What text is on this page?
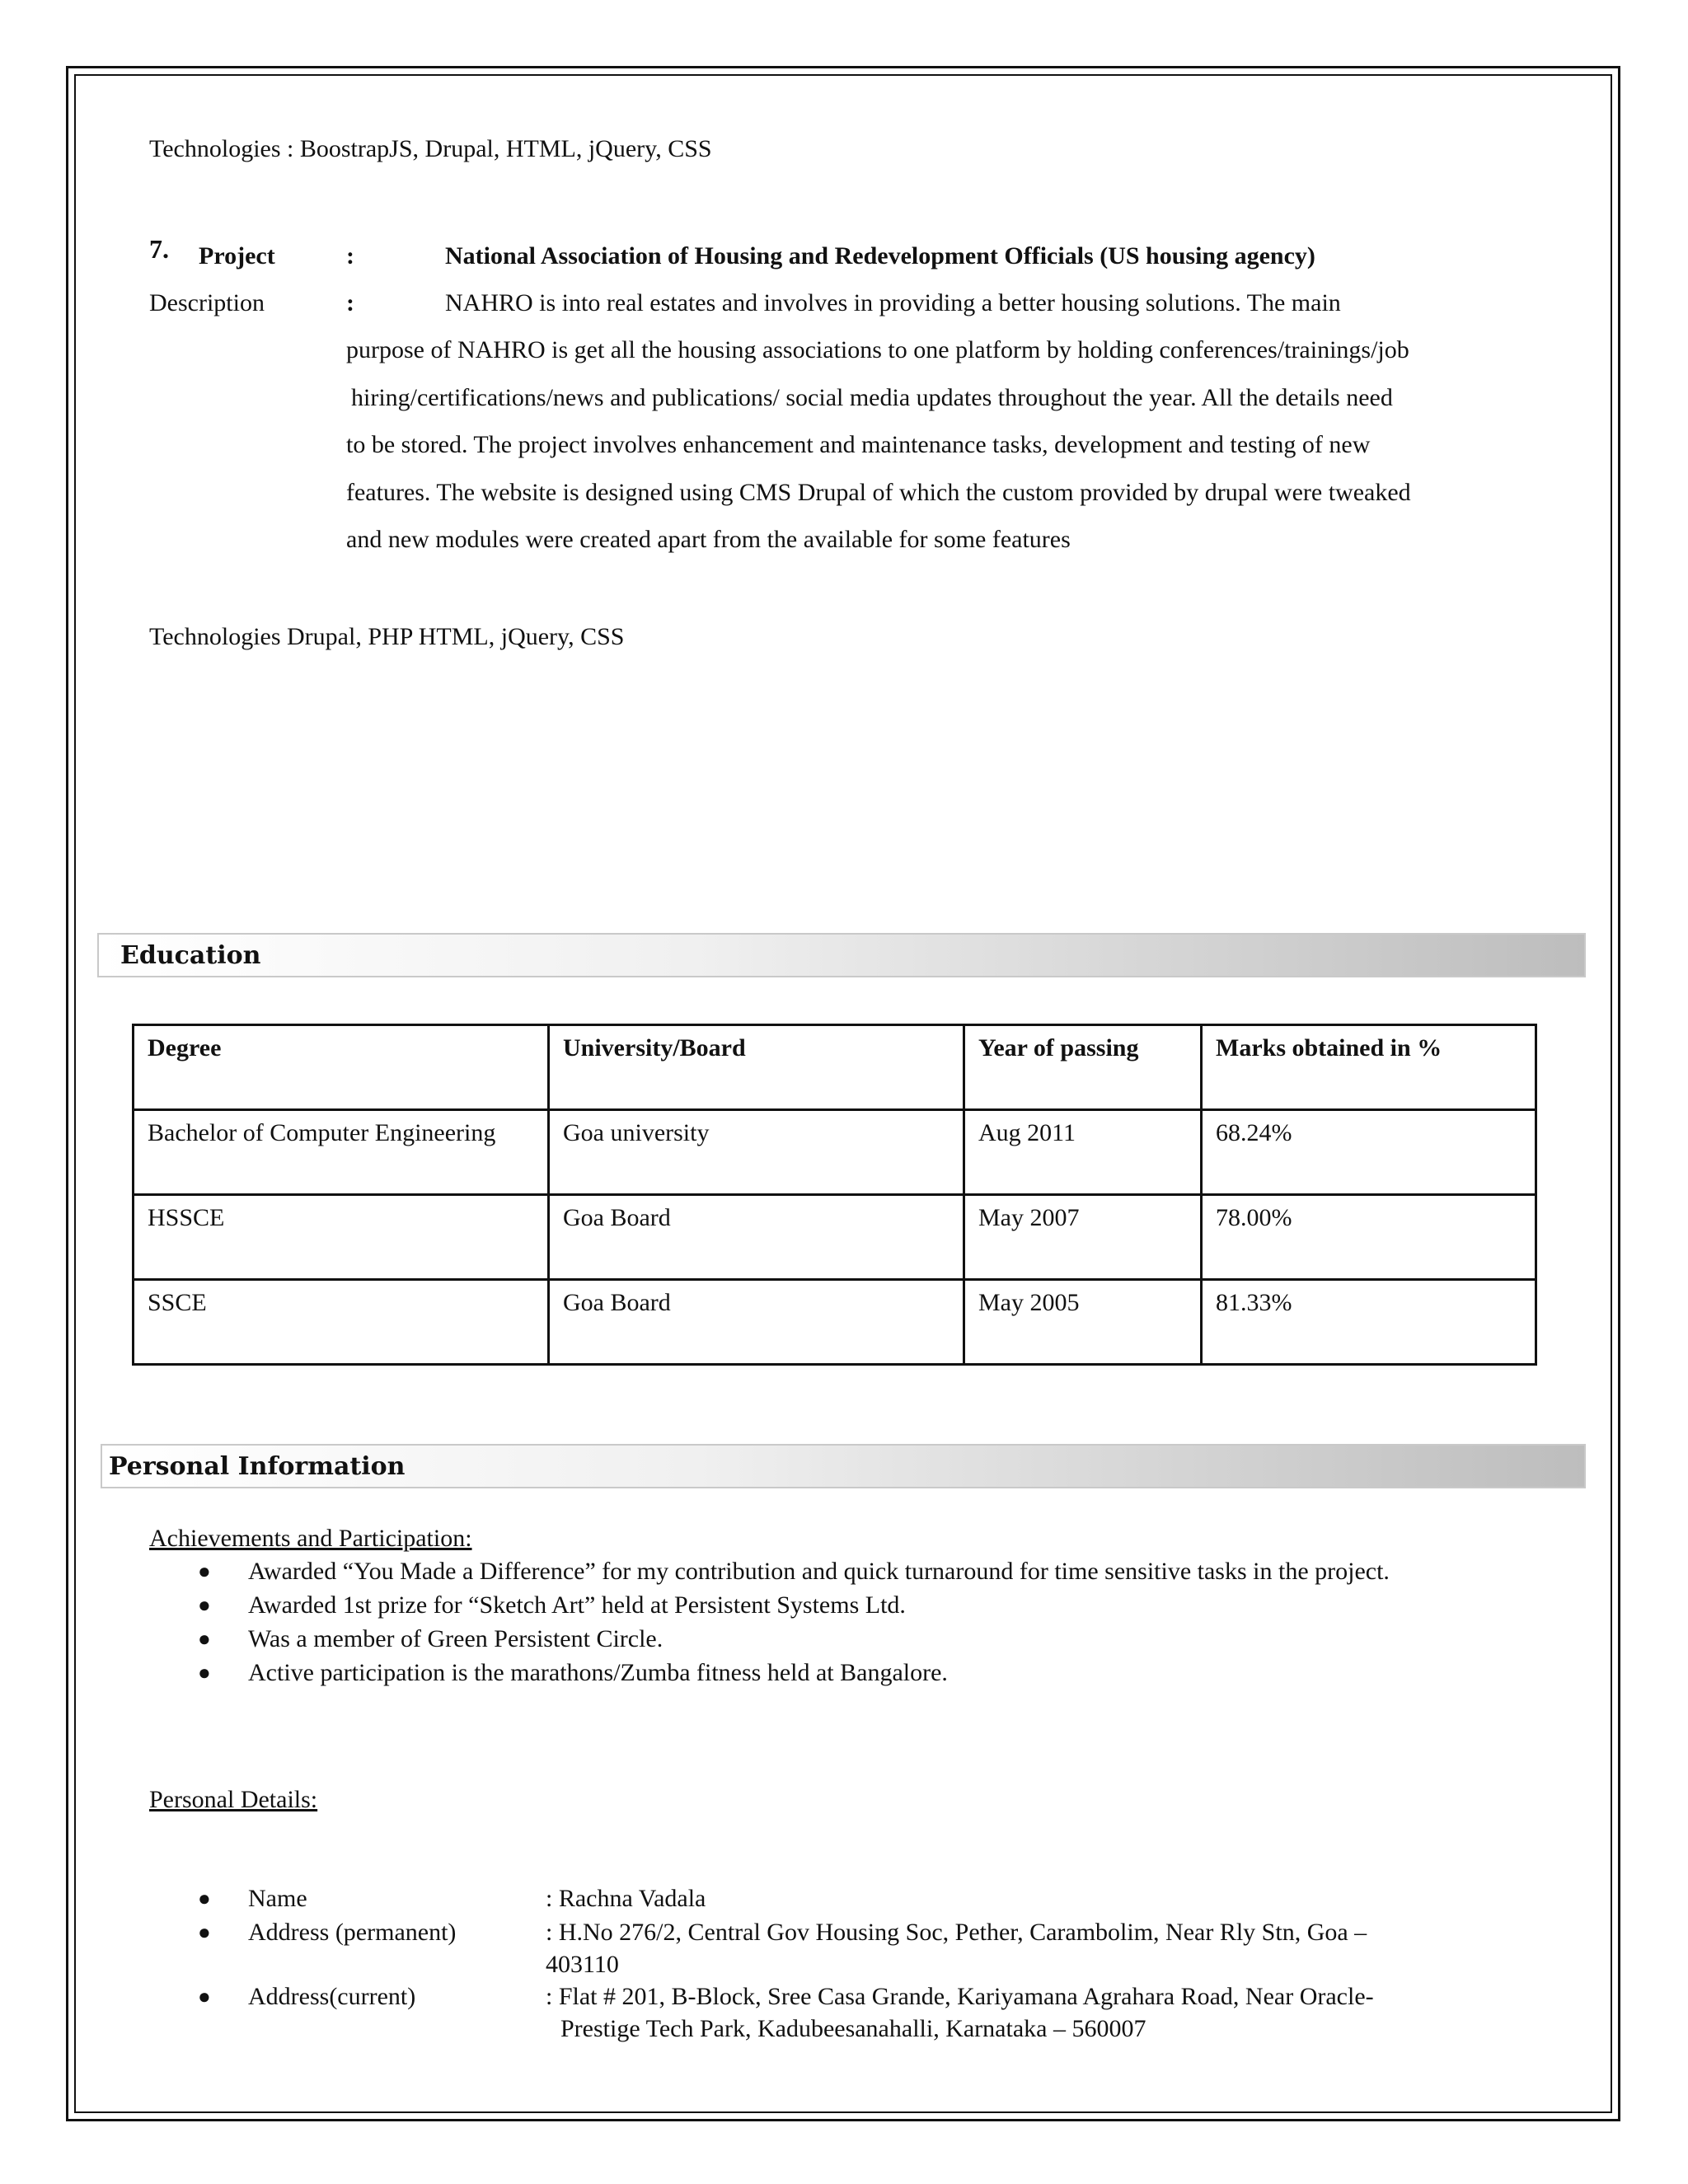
Technologies : BoostrapJS, Drupal, HTML, jQuery, CSS
7. Project	:	National Association of Housing and Redevelopment Officials (US housing agency)
Description	:	NAHRO is into real estates and involves in providing a better housing solutions. The main
purpose of NAHRO is get all the housing associations to one platform by holding conferences/trainings/job
hiring/certifications/news and publications/ social media updates throughout the year. All the details need
to be stored. The project involves enhancement and maintenance tasks, development and testing of new
features. The website is designed using CMS Drupal of which the custom provided by drupal were tweaked
and new modules were created apart from the available for some features
Technologies Drupal, PHP HTML, jQuery, CSS
Education
Degree	University/Board	Year of passing	Marks obtained in %
Bachelor of Computer Engineering	Goa university	Aug 2011	68.24%
HSSCE	Goa Board	May 2007	78.00%
SSCE	Goa Board	May 2005	81.33%
Personal Information
Achievements and Participation:
● Awarded “You Made a Difference” for my contribution and quick turnaround for time sensitive tasks in the project.
● Awarded 1st prize for “Sketch Art” held at Persistent Systems Ltd.
● Was a member of Green Persistent Circle.
● Active participation is the marathons/Zumba fitness held at Bangalore.
Personal Details:
● Name	: Rachna Vadala
● Address (permanent)	: H.No 276/2, Central Gov Housing Soc, Pether, Carambolim, Near Rly Stn, Goa –
403110
● Address(current)	: Flat # 201, B-Block, Sree Casa Grande, Kariyamana Agrahara Road, Near Oracle-
Prestige Tech Park, Kadubeesanahalli, Karnataka – 560007
